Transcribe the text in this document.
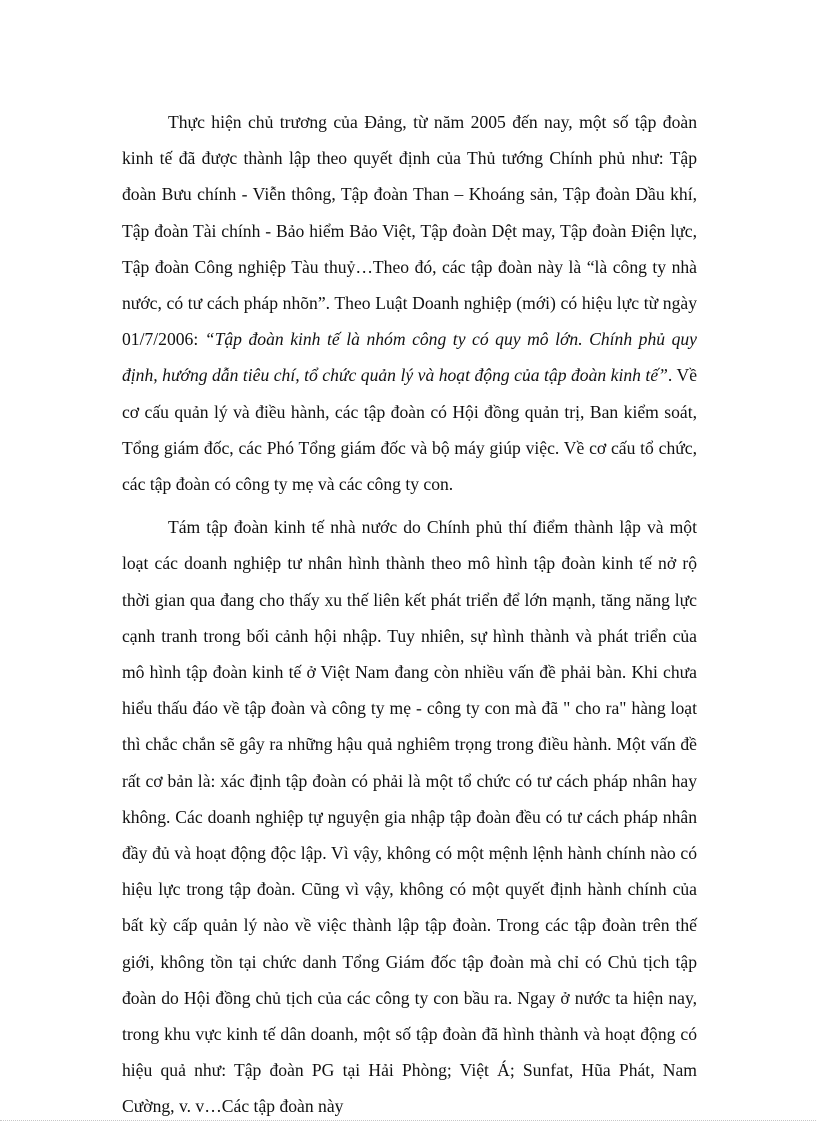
Thực hiện chủ trương của Đảng, từ năm 2005 đến nay, một số tập đoàn kinh tế đã được thành lập theo quyết định của Thủ tướng Chính phủ như: Tập đoàn Bưu chính - Viễn thông, Tập đoàn Than – Khoáng sản, Tập đoàn Dầu khí, Tập đoàn Tài chính - Bảo hiểm Bảo Việt, Tập đoàn Dệt may, Tập đoàn Điện lực, Tập đoàn Công nghiệp Tàu thuỷ…Theo đó, các tập đoàn này là “là công ty nhà nước, có tư cách pháp nhõn”. Theo Luật Doanh nghiệp (mới) có hiệu lực từ ngày 01/7/2006: “Tập đoàn kinh tế là nhóm công ty có quy mô lớn. Chính phủ quy định, hướng dẫn tiêu chí, tổ chức quản lý và hoạt động của tập đoàn kinh tế”. Về cơ cấu quản lý và điều hành, các tập đoàn có Hội đồng quản trị, Ban kiểm soát, Tổng giám đốc, các Phó Tổng giám đốc và bộ máy giúp việc. Về cơ cấu tổ chức, các tập đoàn có công ty mẹ và các công ty con.

Tám tập đoàn kinh tế nhà nước do Chính phủ thí điểm thành lập và một loạt các doanh nghiệp tư nhân hình thành theo mô hình tập đoàn kinh tế nở rộ thời gian qua đang cho thấy xu thế liên kết phát triển để lớn mạnh, tăng năng lực cạnh tranh trong bối cảnh hội nhập. Tuy nhiên, sự hình thành và phát triển của mô hình tập đoàn kinh tế ở Việt Nam đang còn nhiều vấn đề phải bàn. Khi chưa hiểu thấu đáo về tập đoàn và công ty mẹ - công ty con mà đã " cho ra" hàng loạt thì chắc chắn sẽ gây ra những hậu quả nghiêm trọng trong điều hành. Một vấn đề rất cơ bản là: xác định tập đoàn có phải là một tổ chức có tư cách pháp nhân hay không. Các doanh nghiệp tự nguyện gia nhập tập đoàn đều có tư cách pháp nhân đầy đủ và hoạt động độc lập. Vì vậy, không có một mệnh lệnh hành chính nào có hiệu lực trong tập đoàn. Cũng vì vậy, không có một quyết định hành chính của bất kỳ cấp quản lý nào về việc thành lập tập đoàn. Trong các tập đoàn trên thế giới, không tồn tại chức danh Tổng Giám đốc tập đoàn mà chỉ có Chủ tịch tập đoàn do Hội đồng chủ tịch của các công ty con bầu ra. Ngay ở nước ta hiện nay, trong khu vực kinh tế dân doanh, một số tập đoàn đã hình thành và hoạt động có hiệu quả như: Tập đoàn PG tại Hải Phòng; Việt Á; Sunfat, Hũa Phát, Nam Cường, v. v…Các tập đoàn này
